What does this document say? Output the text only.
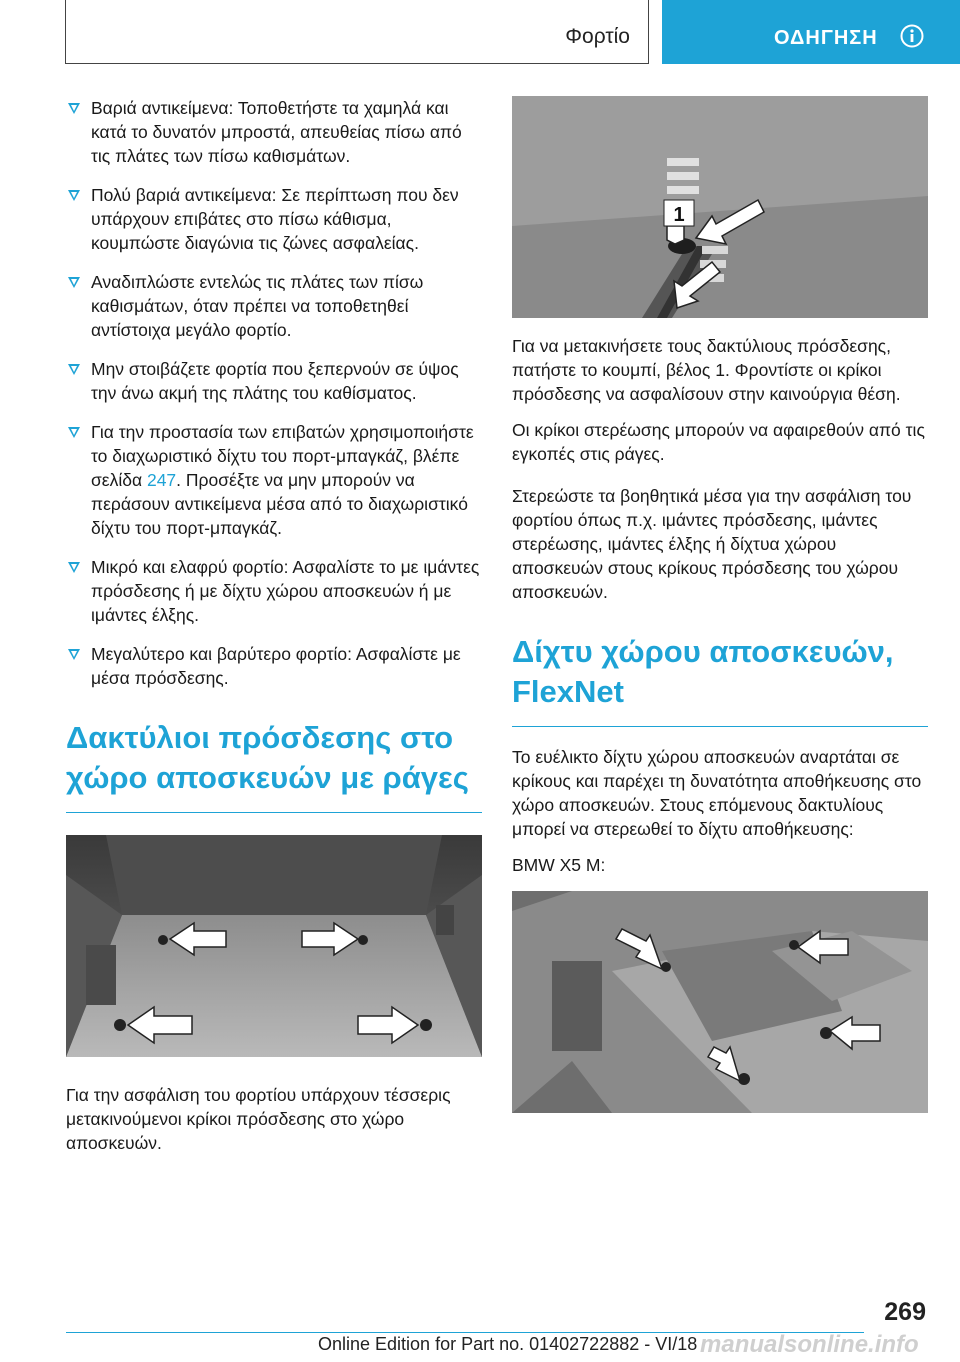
Φορτίο	ΟΔΗΓΗΣΗ
Βαριά αντικείμενα: Τοποθετήστε τα χαμηλά και κατά το δυνατόν μπροστά, απευθείας πίσω από τις πλάτες των πίσω καθισμάτων.
Πολύ βαριά αντικείμενα: Σε περίπτωση που δεν υπάρχουν επιβάτες στο πίσω κάθισμα, κουμπώστε διαγώνια τις ζώνες ασφαλείας.
Αναδιπλώστε εντελώς τις πλάτες των πίσω καθισμάτων, όταν πρέπει να τοποθετηθεί αντίστοιχα μεγάλο φορτίο.
Μην στοιβάζετε φορτία που ξεπερνούν σε ύψος την άνω ακμή της πλάτης του καθίσματος.
Για την προστασία των επιβατών χρησιμοποιήστε το διαχωριστικό δίχτυ του πορτ-μπαγκάζ, βλέπε σελίδα 247. Προσέξτε να μην μπορούν να περάσουν αντικείμενα μέσα από το διαχωριστικό δίχτυ του πορτ-μπαγκάζ.
Μικρό και ελαφρύ φορτίο: Ασφαλίστε το με ιμάντες πρόσδεσης ή με δίχτυ χώρου αποσκευών ή με ιμάντες έλξης.
Μεγαλύτερο και βαρύτερο φορτίο: Ασφαλίστε με μέσα πρόσδεσης.
Δακτύλιοι πρόσδεσης στο χώρο αποσκευών με ράγες

Για την ασφάλιση του φορτίου υπάρχουν τέσσερις μετακινούμενοι κρίκοι πρόσδεσης στο χώρο αποσκευών.

1

Για να μετακινήσετε τους δακτύλιους πρόσδεσης, πατήστε το κουμπί, βέλος 1. Φροντίστε οι κρίκοι πρόσδεσης να ασφαλίσουν στην καινούργια θέση.

Οι κρίκοι στερέωσης μπορούν να αφαιρεθούν από τις εγκοπές στις ράγες.

Στερεώστε τα βοηθητικά μέσα για την ασφάλιση του φορτίου όπως π.χ. ιμάντες πρόσδεσης, ιμάντες στερέωσης, ιμάντες έλξης ή δίχτυα χώρου αποσκευών στους κρίκους πρόσδεσης του χώρου αποσκευών.

Δίχτυ χώρου αποσκευών, FlexNet

Το ευέλικτο δίχτυ χώρου αποσκευών αναρτάται σε κρίκους και παρέχει τη δυνατότητα αποθήκευσης στο χώρο αποσκευών. Στους επόμενους δακτυλίους μπορεί να στερεωθεί το δίχτυ αποθήκευσης:

BMW X5 M:

269
Online Edition for Part no. 01402722882 - VI/18 manualsonline.info
